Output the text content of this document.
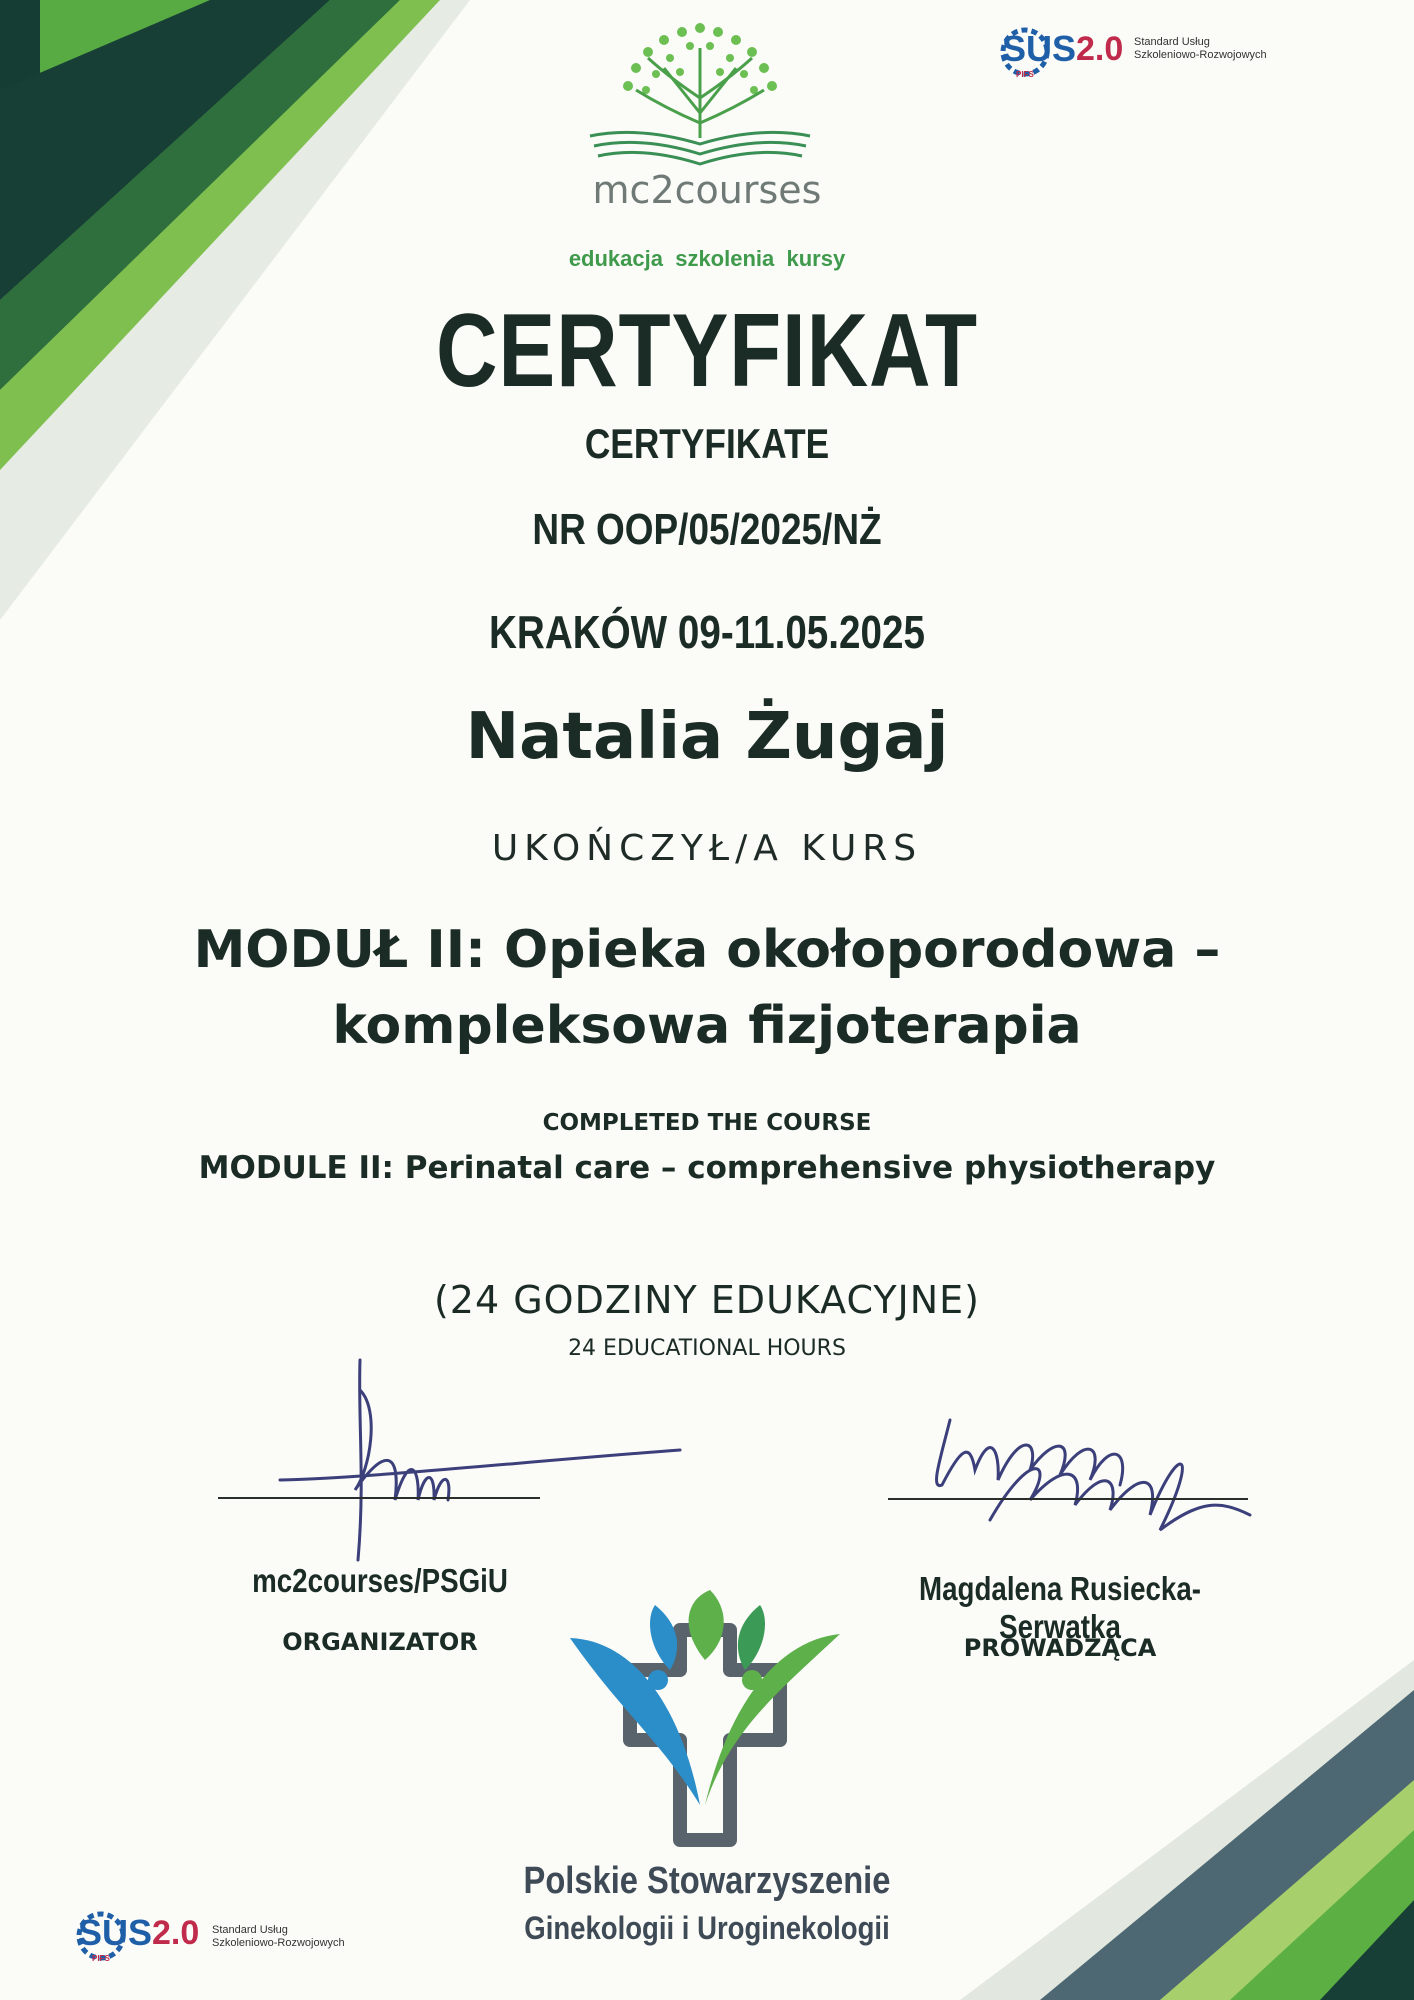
mc2courses
edukacja  szkolenia  kursy
SUS 2.0
PIFS
Standard Usług
Szkoleniowo-Rozwojowych
CERTYFIKAT
CERTYFIKATE
NR OOP/05/2025/NŻ
KRAKÓW 09-11.05.2025
Natalia Żugaj
UKOŃCZYŁ/A KURS
MODUŁ II: Opieka okołoporodowa –
kompleksowa fizjoterapia
COMPLETED THE COURSE
MODULE II: Perinatal care – comprehensive physiotherapy
(24 GODZINY EDUKACYJNE)
24 EDUCATIONAL HOURS
mc2courses/PSGiU
ORGANIZATOR
Magdalena Rusiecka-Serwatka
PROWADZĄCA
Polskie Stowarzyszenie
Ginekologii i Uroginekologii
SUS 2.0
PIFS
Standard Usług
Szkoleniowo-Rozwojowych
